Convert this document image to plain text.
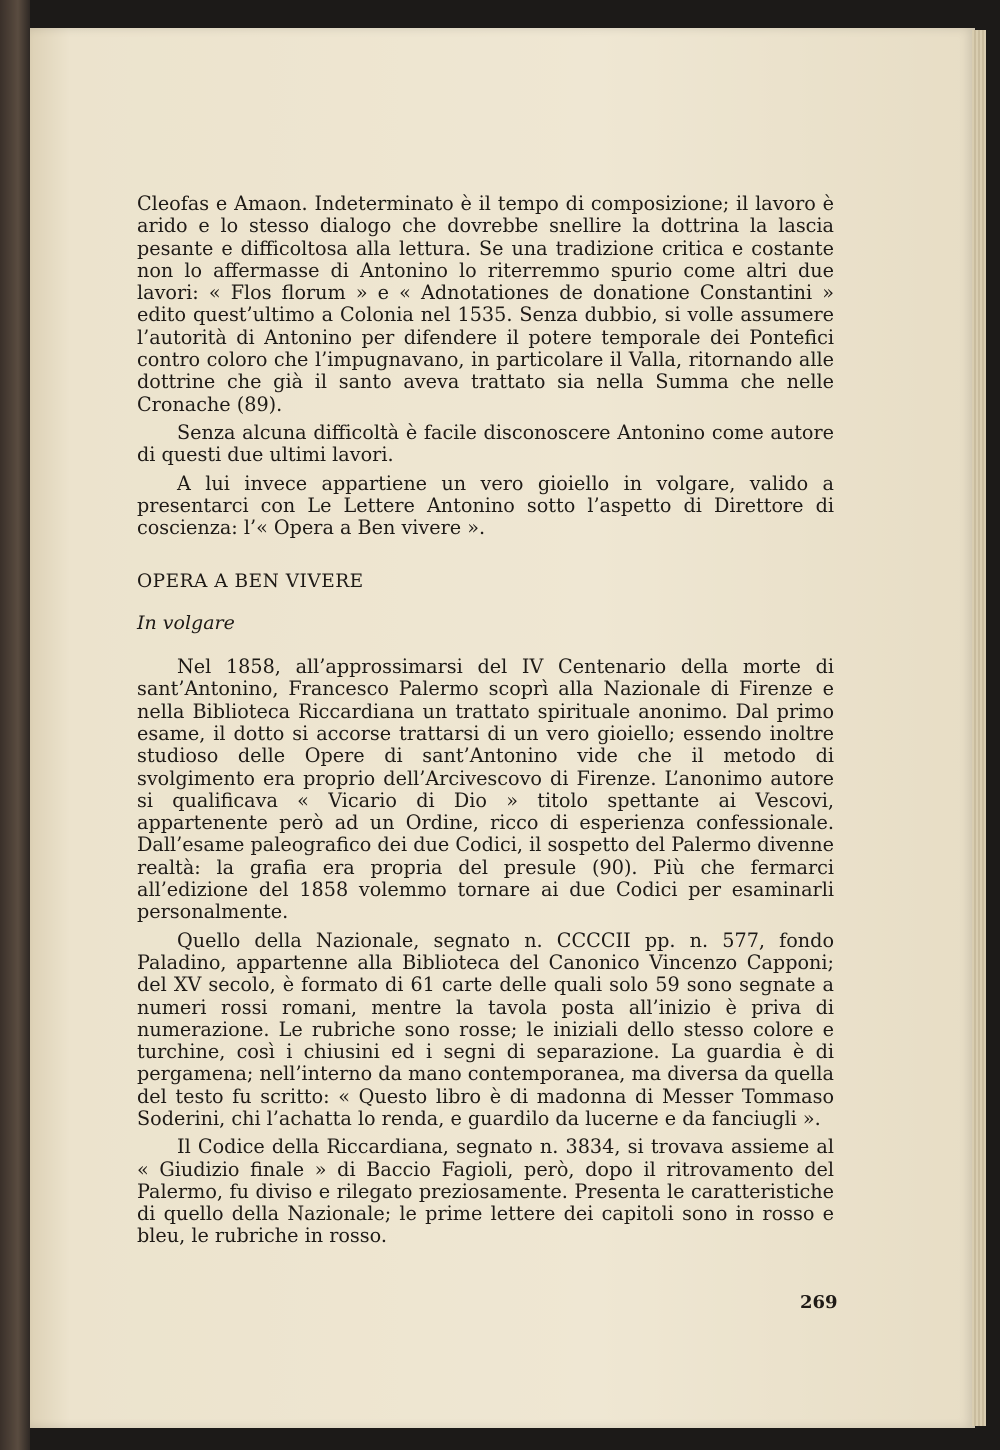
Cleofas e Amaon. Indeterminato è il tempo di composizione; il lavoro è arido e lo stesso dialogo che dovrebbe snellire la dottrina la lascia pesante e difficoltosa alla lettura. Se una tradizione critica e costante non lo affermasse di Antonino lo riterremmo spurio come altri due lavori: « Flos florum » e « Adnotationes de donatione Constantini » edito quest’ultimo a Colonia nel 1535. Senza dubbio, si volle assumere l’autorità di Antonino per difendere il potere temporale dei Pontefici contro coloro che l’impugnavano, in particolare il Valla, ritornando alle dottrine che già il santo aveva trattato sia nella Summa che nelle Cronache (89).

Senza alcuna difficoltà è facile disconoscere Antonino come autore di questi due ultimi lavori.

A lui invece appartiene un vero gioiello in volgare, valido a presentarci con Le Lettere Antonino sotto l’aspetto di Direttore di coscienza: l’« Opera a Ben vivere ».

OPERA A BEN VIVERE
In volgare

Nel 1858, all’approssimarsi del IV Centenario della morte di sant’Antonino, Francesco Palermo scoprì alla Nazionale di Firenze e nella Biblioteca Riccardiana un trattato spirituale anonimo. Dal primo esame, il dotto si accorse trattarsi di un vero gioiello; essendo inoltre studioso delle Opere di sant’Antonino vide che il metodo di svolgimento era proprio dell’Arcivescovo di Firenze. L’anonimo autore si qualificava « Vicario di Dio » titolo spettante ai Vescovi, appartenente però ad un Ordine, ricco di esperienza confessionale. Dall’esame paleografico dei due Codici, il sospetto del Palermo divenne realtà: la grafia era propria del presule (90). Più che fermarci all’edizione del 1858 volemmo tornare ai due Codici per esaminarli personalmente.

Quello della Nazionale, segnato n. CCCCII pp. n. 577, fondo Paladino, appartenne alla Biblioteca del Canonico Vincenzo Capponi; del XV secolo, è formato di 61 carte delle quali solo 59 sono segnate a numeri rossi romani, mentre la tavola posta all’inizio è priva di numerazione. Le rubriche sono rosse; le iniziali dello stesso colore e turchine, così i chiusini ed i segni di separazione. La guardia è di pergamena; nell’interno da mano contemporanea, ma diversa da quella del testo fu scritto: « Questo libro è di madonna di Messer Tommaso Soderini, chi l’achatta lo renda, e guardilo da lucerne e da fanciugli ».

Il Codice della Riccardiana, segnato n. 3834, si trovava assieme al « Giudizio finale » di Baccio Fagioli, però, dopo il ritrovamento del Palermo, fu diviso e rilegato preziosamente. Presenta le caratteristiche di quello della Nazionale; le prime lettere dei capitoli sono in rosso e bleu, le rubriche in rosso.

269
